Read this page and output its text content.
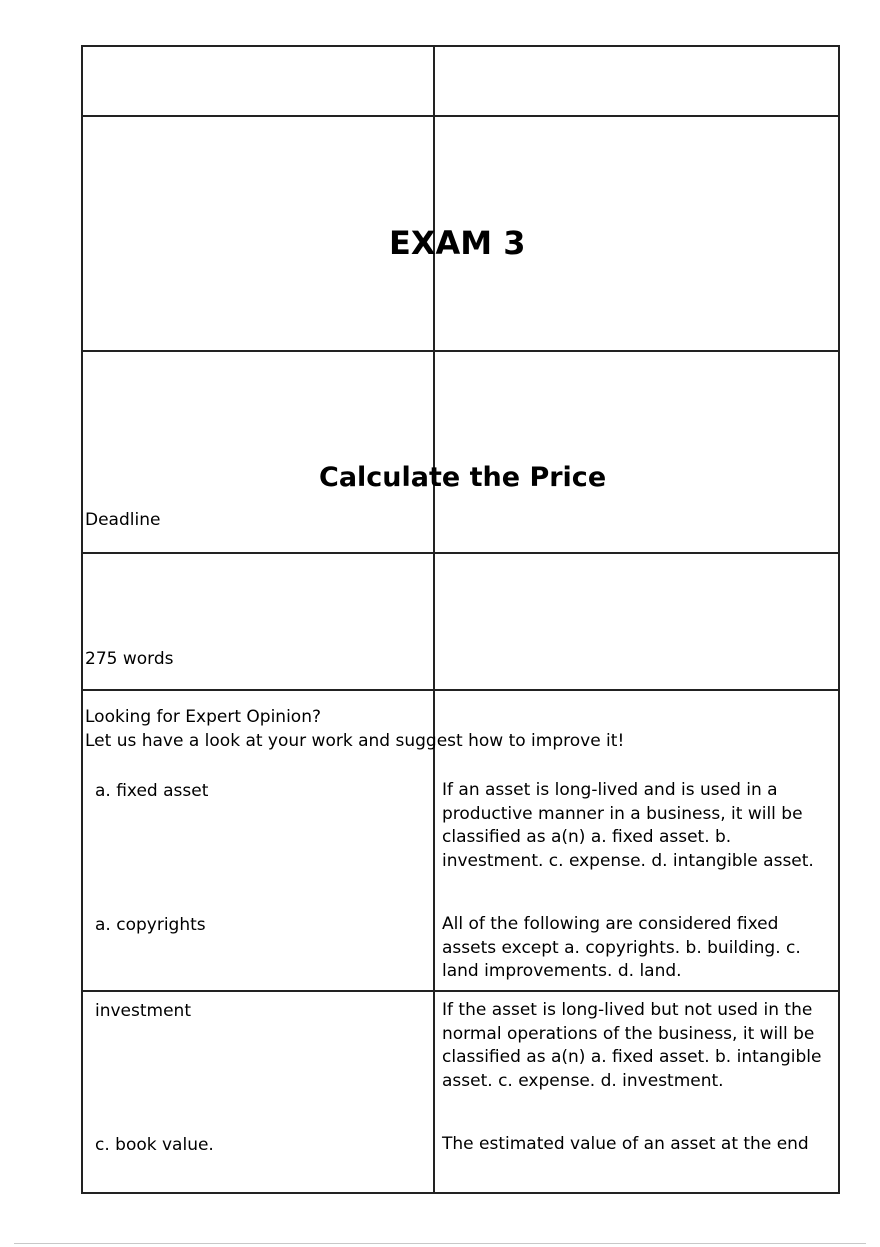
EXAM 3
Calculate the Price
Deadline
275 words
Looking for Expert Opinion?
Let us have a look at your work and suggest how to improve it!
a. fixed asset	If an asset is long-lived and is used in a productive manner in a business, it will be classified as a(n) a. fixed asset. b. investment. c. expense. d. intangible asset.
a. copyrights	All of the following are considered fixed assets except a. copyrights. b. building. c. land improvements. d. land.
investment	If the asset is long-lived but not used in the normal operations of the business, it will be classified as a(n) a. fixed asset. b. intangible asset. c. expense. d. investment.
c. book value.	The estimated value of an asset at the end
